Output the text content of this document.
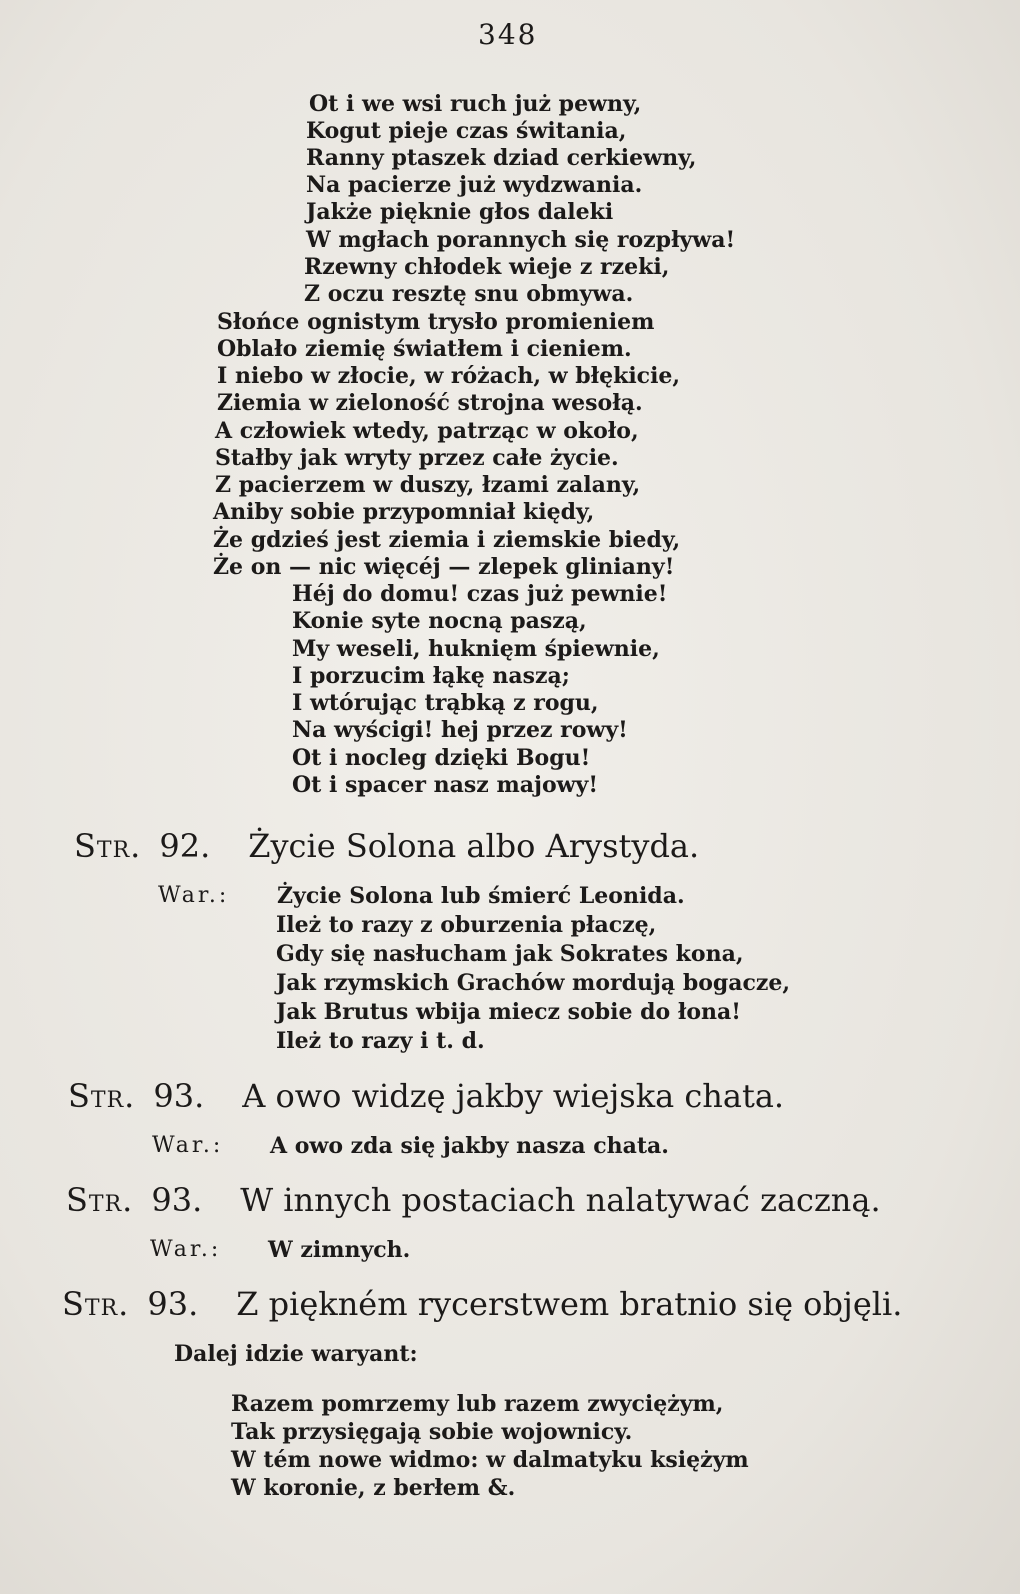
348
Ot i we wsi ruch już pewny,
Kogut pieje czas świtania,
Ranny ptaszek dziad cerkiewny,
Na pacierze już wydzwania.
Jakże pięknie głos daleki
W mgłach porannych się rozpływa!
Rzewny chłodek wieje z rzeki,
Z oczu resztę snu obmywa.
Słońce ognistym trysło promieniem
Oblało ziemię światłem i cieniem.
I niebo w złocie, w różach, w błękicie,
Ziemia w zieloność strojna wesołą.
A człowiek wtedy, patrząc w około,
Stałby jak wryty przez całe życie.
Z pacierzem w duszy, łzami zalany,
Aniby sobie przypomniał kiędy,
Że gdzieś jest ziemia i ziemskie biedy,
Że on — nic więcéj — zlepek gliniany!
Héj do domu! czas już pewnie!
Konie syte nocną paszą,
My weseli, huknięm śpiewnie,
I porzucim łąkę naszą;
I wtórując trąbką z rogu,
Na wyścigi! hej przez rowy!
Ot i nocleg dzięki Bogu!
Ot i spacer nasz majowy!
Str. 92. Życie Solona albo Arystyda.
War.: Życie Solona lub śmierć Leonida.
Ileż to razy z oburzenia płaczę,
Gdy się nasłucham jak Sokrates kona,
Jak rzymskich Grachów mordują bogacze,
Jak Brutus wbija miecz sobie do łona!
Ileż to razy i t. d.
Str. 93. A owo widzę jakby wiejska chata.
War.: A owo zda się jakby nasza chata.
Str. 93. W innych postaciach nalatywać zaczną.
War.: W zimnych.
Str. 93. Z piękném rycerstwem bratnio się objęli.
Dalej idzie waryant:
Razem pomrzemy lub razem zwyciężym,
Tak przysięgają sobie wojownicy.
W tém nowe widmo: w dalmatyku księżym
W koronie, z berłem &.
